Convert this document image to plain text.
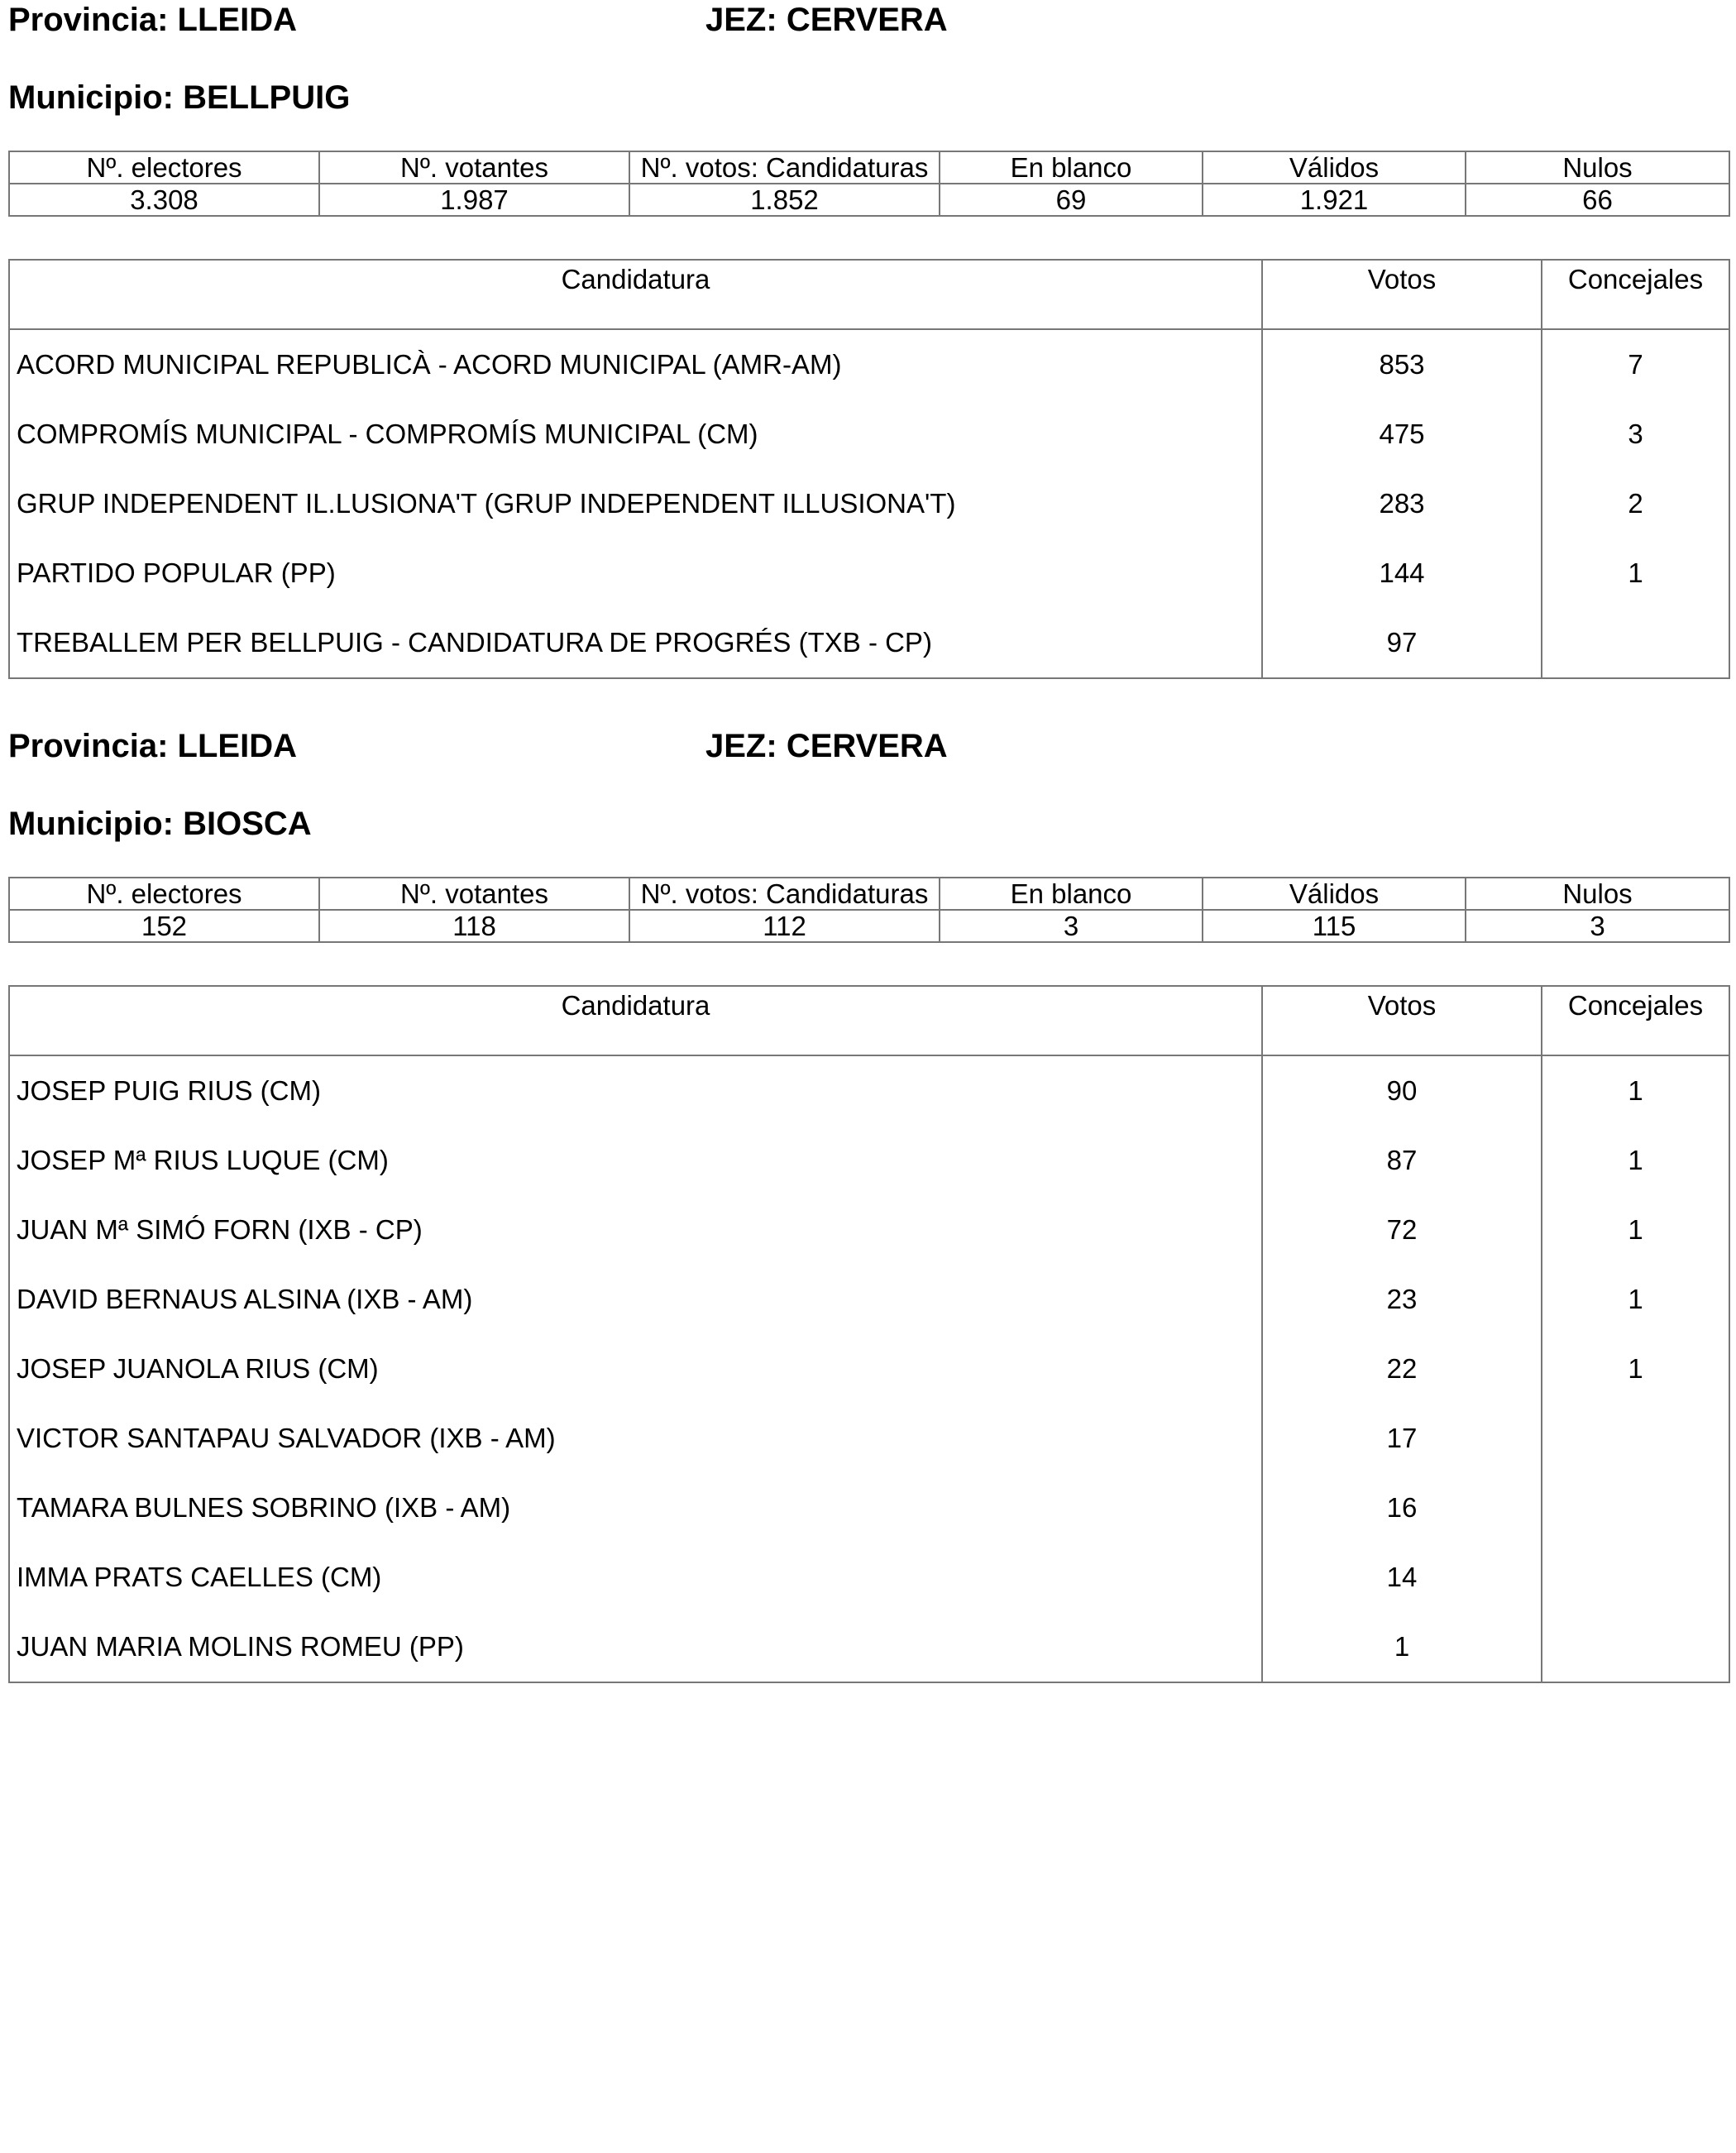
Provincia: LLEIDA	JEZ: CERVERA
Municipio: BELLPUIG
Nº. electores	Nº. votantes	Nº. votos: Candidaturas	En blanco	Válidos	Nulos
3.308	1.987	1.852	69	1.921	66
Candidatura	Votos	Concejales
ACORD MUNICIPAL REPUBLICÀ - ACORD MUNICIPAL (AMR-AM)	853	7
COMPROMÍS MUNICIPAL - COMPROMÍS MUNICIPAL (CM)	475	3
GRUP INDEPENDENT IL.LUSIONA'T (GRUP INDEPENDENT ILLUSIONA'T)	283	2
PARTIDO POPULAR (PP)	144	1
TREBALLEM PER BELLPUIG - CANDIDATURA DE PROGRÉS (TXB - CP)	97	
Provincia: LLEIDA	JEZ: CERVERA
Municipio: BIOSCA
Nº. electores	Nº. votantes	Nº. votos: Candidaturas	En blanco	Válidos	Nulos
152	118	112	3	115	3
Candidatura	Votos	Concejales
JOSEP PUIG RIUS (CM)	90	1
JOSEP Mª RIUS LUQUE (CM)	87	1
JUAN Mª SIMÓ FORN (IXB - CP)	72	1
DAVID BERNAUS ALSINA (IXB - AM)	23	1
JOSEP JUANOLA RIUS (CM)	22	1
VICTOR SANTAPAU SALVADOR (IXB - AM)	17	
TAMARA BULNES SOBRINO (IXB - AM)	16	
IMMA PRATS CAELLES (CM)	14	
JUAN MARIA MOLINS ROMEU (PP)	1	
